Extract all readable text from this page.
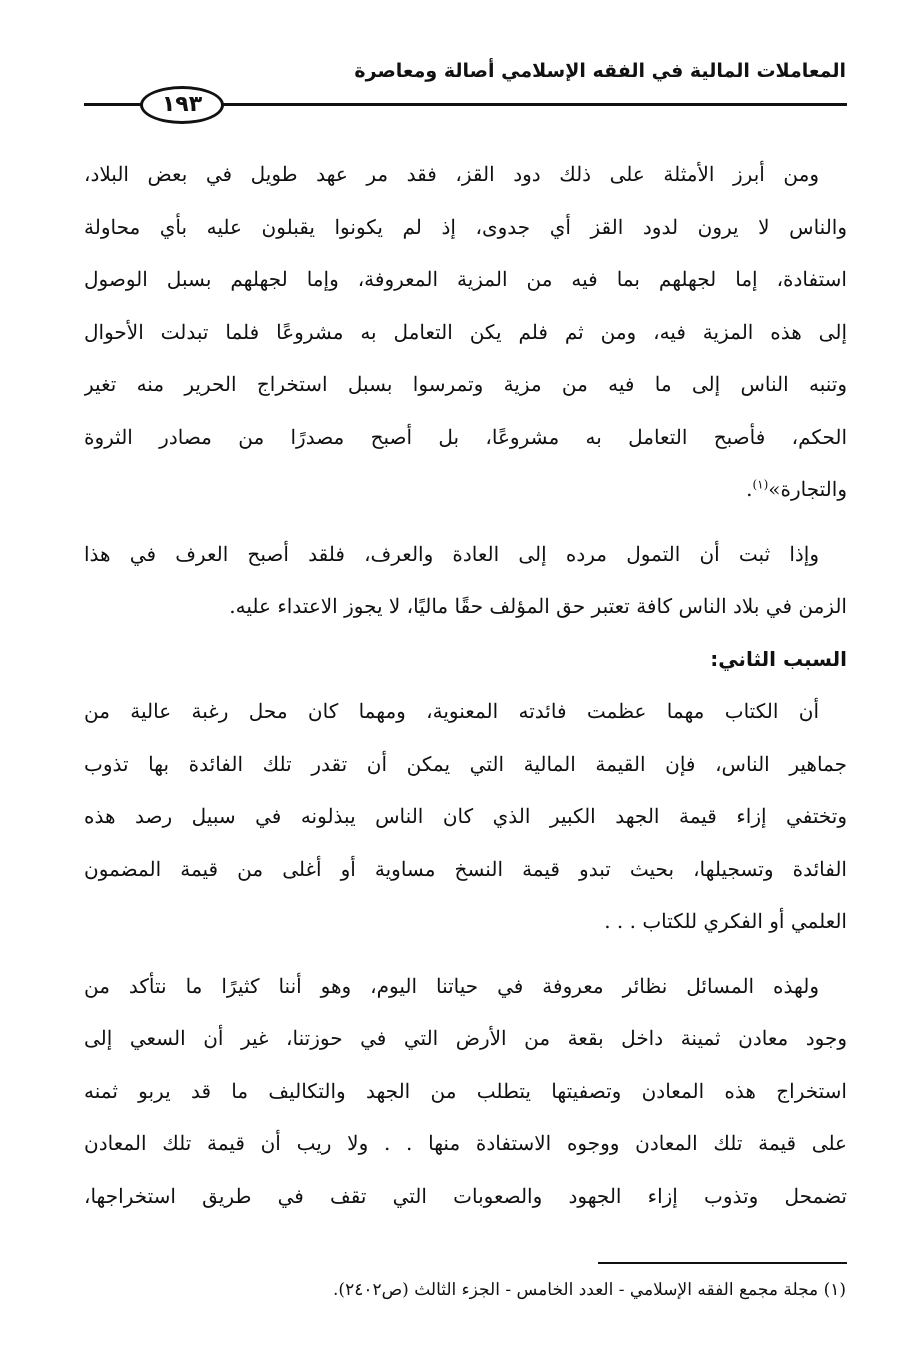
المعاملات المالية في الفقه الإسلامي أصالة ومعاصرة
١٩٣
ومن أبرز الأمثلة على ذلك دود القز، فقد مر عهد طويل في بعض البلاد،
والناس لا يرون لدود القز أي جدوى، إذ لم يكونوا يقبلون عليه بأي محاولة
استفادة، إما لجهلهم بما فيه من المزية المعروفة، وإما لجهلهم بسبل الوصول
إلى هذه المزية فيه، ومن ثم فلم يكن التعامل به مشروعًا فلما تبدلت الأحوال
وتنبه الناس إلى ما فيه من مزية وتمرسوا بسبل استخراج الحرير منه تغير
الحكم، فأصبح التعامل به مشروعًا، بل أصبح مصدرًا من مصادر الثروة
والتجارة»$^{(١)}$.
وإذا ثبت أن التمول مرده إلى العادة والعرف، فلقد أصبح العرف في هذا
الزمن في بلاد الناس كافة تعتبر حق المؤلف حقًا ماليًا، لا يجوز الاعتداء عليه.
السبب الثاني:
أن الكتاب مهما عظمت فائدته المعنوية، ومهما كان محل رغبة عالية من
جماهير الناس، فإن القيمة المالية التي يمكن أن تقدر تلك الفائدة بها تذوب
وتختفي إزاء قيمة الجهد الكبير الذي كان الناس يبذلونه في سبيل رصد هذه
الفائدة وتسجيلها، بحيث تبدو قيمة النسخ مساوية أو أغلى من قيمة المضمون
العلمي أو الفكري للكتاب . . .
ولهذه المسائل نظائر معروفة في حياتنا اليوم، وهو أننا كثيرًا ما نتأكد من
وجود معادن ثمينة داخل بقعة من الأرض التي في حوزتنا، غير أن السعي إلى
استخراج هذه المعادن وتصفيتها يتطلب من الجهد والتكاليف ما قد يربو ثمنه
على قيمة تلك المعادن ووجوه الاستفادة منها . . ولا ريب أن قيمة تلك المعادن
تضمحل وتذوب إزاء الجهود والصعوبات التي تقف في طريق استخراجها،
(١) مجلة مجمع الفقه الإسلامي - العدد الخامس - الجزء الثالث (ص٢٤٠٢).
